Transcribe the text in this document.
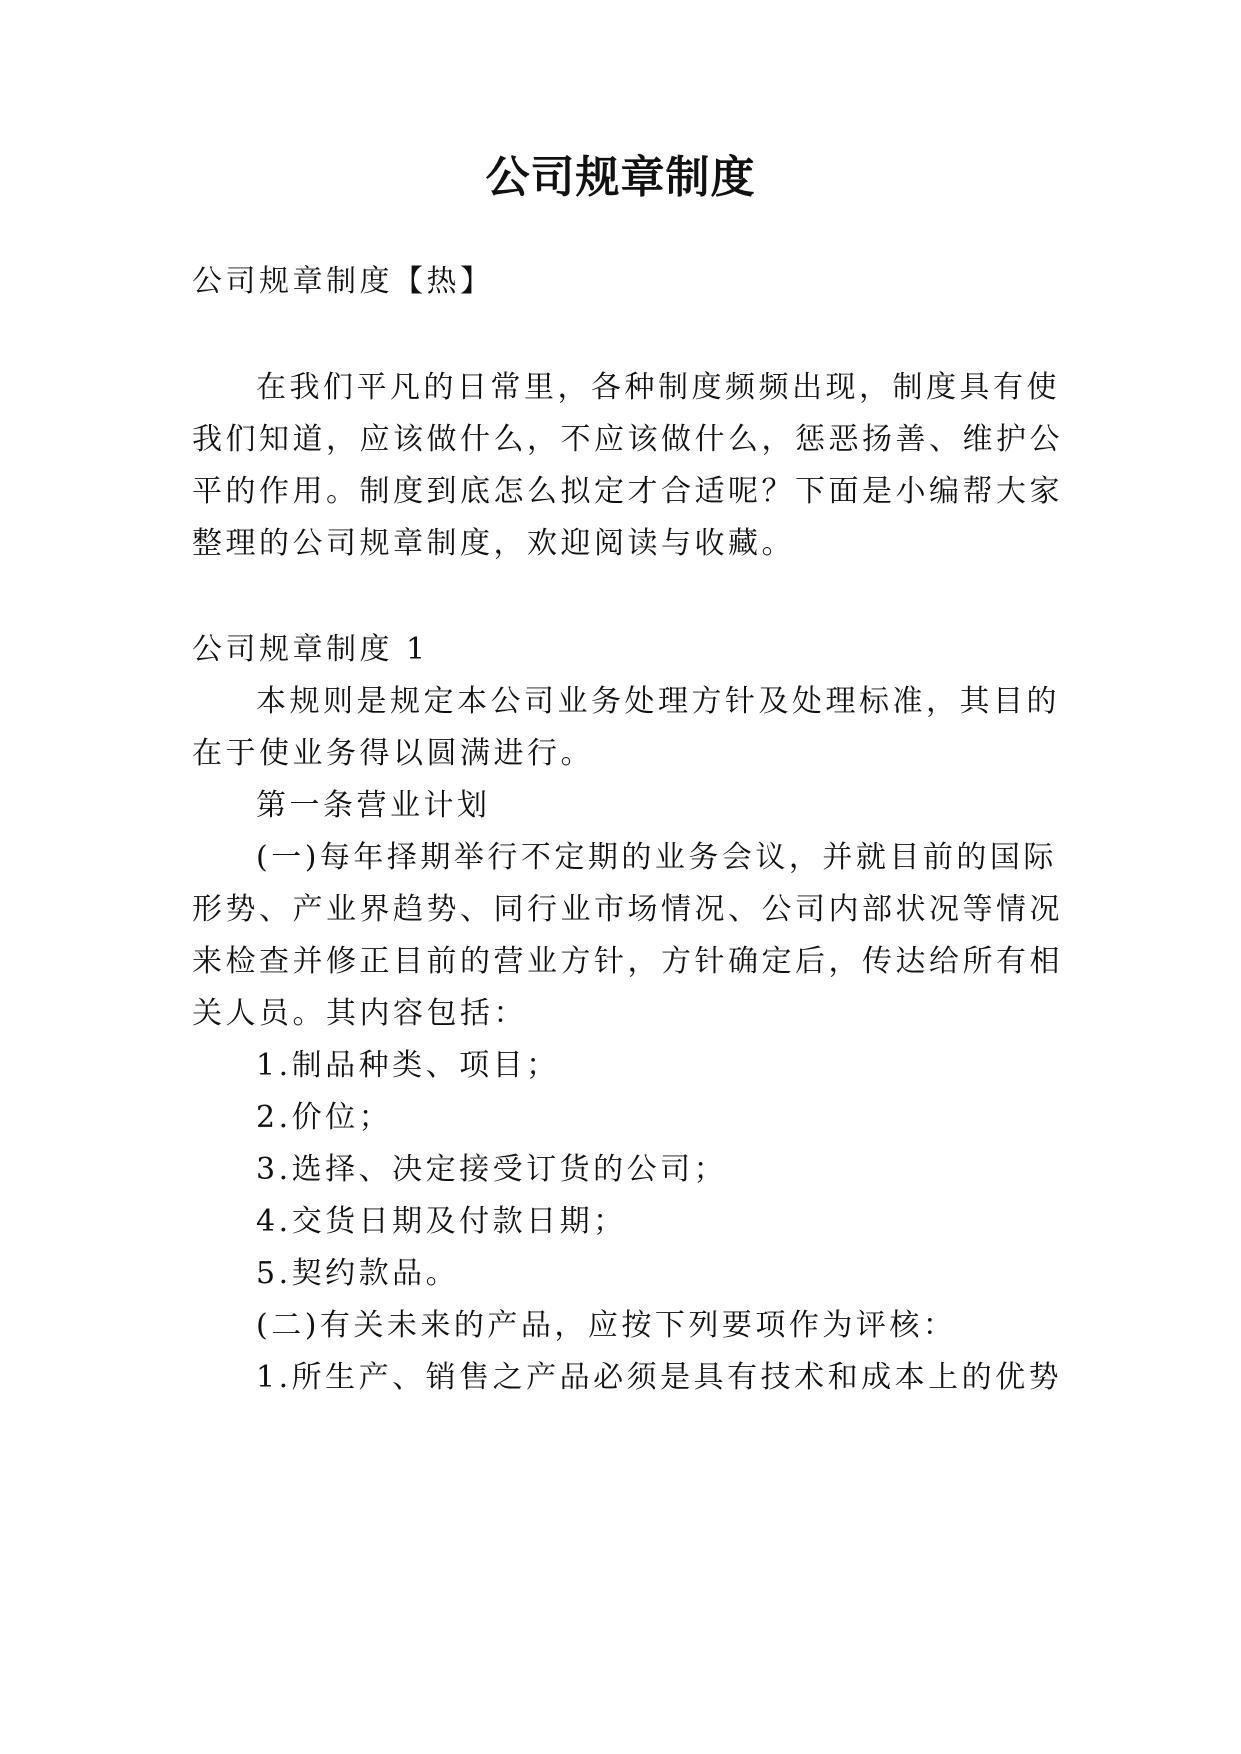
公司规章制度

公司规章制度【热】

在我们平凡的日常里，各种制度频频出现，制度具有使

我们知道，应该做什么，不应该做什么，惩恶扬善、维护公

平的作用。制度到底怎么拟定才合适呢？下面是小编帮大家

整理的公司规章制度，欢迎阅读与收藏。

公司规章制度 1

本规则是规定本公司业务处理方针及处理标准，其目的

在于使业务得以圆满进行。

第一条营业计划

(一)每年择期举行不定期的业务会议，并就目前的国际

形势、产业界趋势、同行业市场情况、公司内部状况等情况

来检查并修正目前的营业方针，方针确定后，传达给所有相

关人员。其内容包括：

1.制品种类、项目；

2.价位；

3.选择、决定接受订货的公司；

4.交货日期及付款日期；

5.契约款品。

(二)有关未来的产品，应按下列要项作为评核：

1.所生产、销售之产品必须是具有技术和成本上的优势
